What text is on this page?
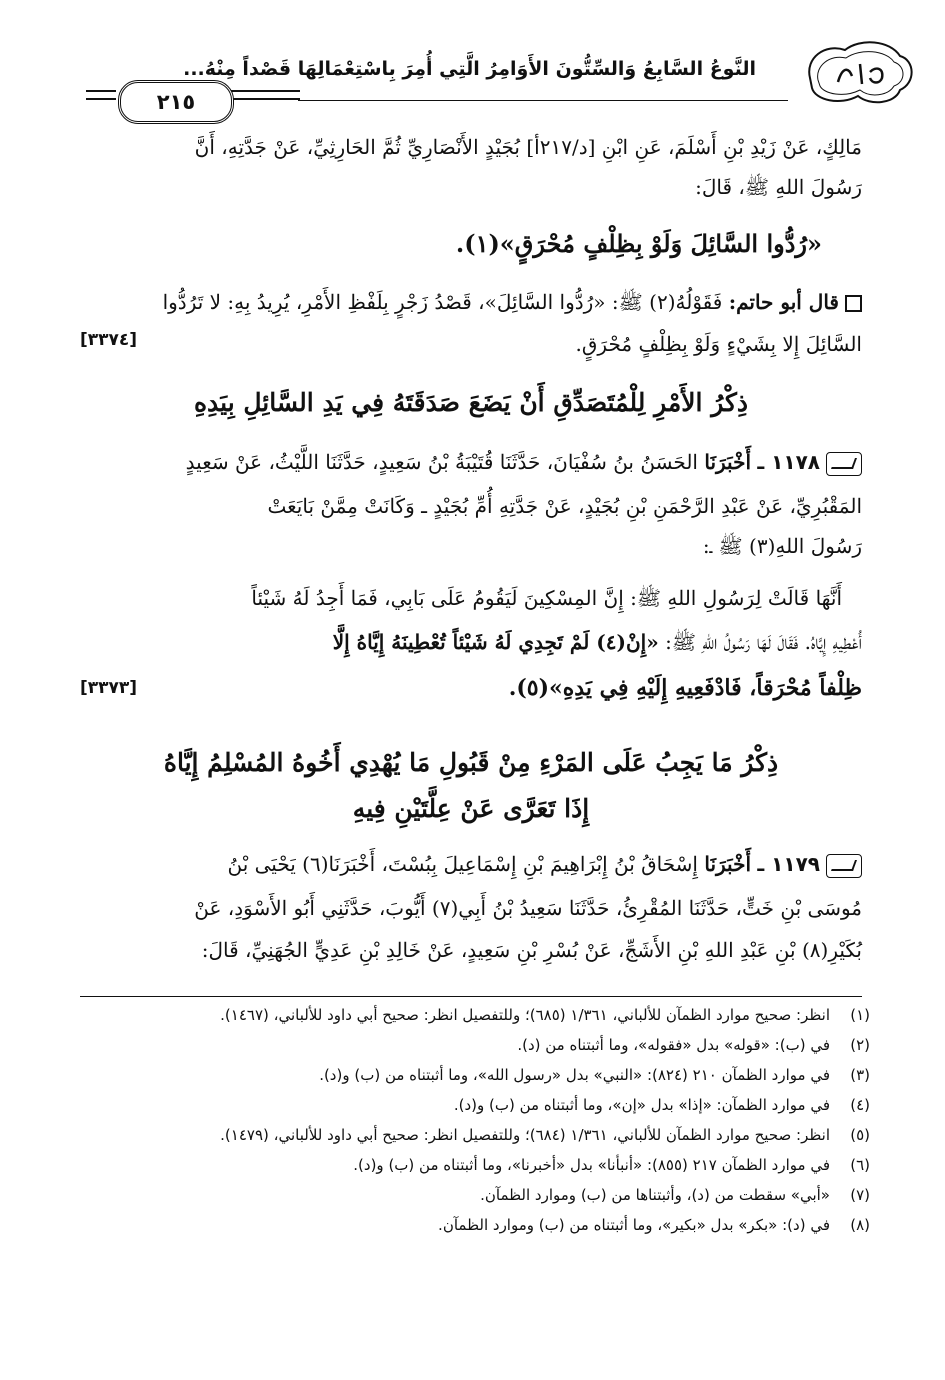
النَّوعُ السَّابِعُ وَالسِّتُّونَ الأَوَامِرُ الَّتِي أُمِرَ بِاسْتِعْمَالِهَا قَصْداً مِنْهُ...
٢١٥
مَالِكٍ، عَنْ زَيْدِ بْنِ أَسْلَمَ، عَنِ ابْنِ [د/٢١٧أ] بُجَيْدٍ الأَنْصَارِيِّ ثُمَّ الحَارِثِيِّ، عَنْ جَدَّتِهِ، أَنَّ
رَسُولَ اللهِ ﷺ، قَالَ:
«رُدُّوا السَّائِلَ وَلَوْ بِظِلْفٍ مُحْرَقٍ»(١).
قال أبو حاتم: فَقَوْلُهُ(٢) ﷺ: «رُدُّوا السَّائِلَ»، قَصْدُ زَجْرٍ بِلَفْظِ الأَمْرِ، يُرِيدُ بِهِ: لا تَرُدُّوا
السَّائِلَ إِلا بِشَيْءٍ وَلَوْ بِظِلْفٍ مُحْرَقٍ.
[٣٣٧٤]
ذِكْرُ الأَمْرِ لِلْمُتَصَدِّقِ أَنْ يَضَعَ صَدَقَتَهُ فِي يَدِ السَّائِلِ بِيَدِهِ
١١٧٨ ـ أَخْبَرَنَا الحَسَنُ بنُ سُفْيَانَ، حَدَّثَنَا قُتَيْبَةُ بْنُ سَعِيدٍ، حَدَّثَنَا اللَّيْثُ، عَنْ سَعِيدٍ
المَقْبُرِيِّ، عَنْ عَبْدِ الرَّحْمَنِ بْنِ بُجَيْدٍ، عَنْ جَدَّتِهِ أُمِّ بُجَيْدٍ ـ وَكَانَتْ مِمَّنْ بَايَعَتْ
رَسُولَ اللهِ(٣) ﷺ ـ:
أَنَّهَا قَالَتْ لِرَسُولِ اللهِ ﷺ: إِنَّ المِسْكِينَ لَيَقُومُ عَلَى بَابِي، فَمَا أَجِدُ لَهُ شَيْئاً
أُعْطِيهِ إِيَّاهُ. فَقَالَ لَهَا رَسُولُ اللهِ ﷺ: «إِنْ(٤) لَمْ تَجِدِي لَهُ شَيْئاً تُعْطِينَهُ إِيَّاهُ إِلَّا
ظِلْفاً مُحْرَقاً، فَادْفَعِيهِ إِلَيْهِ فِي يَدِهِ»(٥).
[٣٣٧٣]
ذِكْرُ مَا يَجِبُ عَلَى المَرْءِ مِنْ قَبُولِ مَا يُهْدِي أَخُوهُ المُسْلِمُ إِيَّاهُ
إِذَا تَعَرَّى عَنْ عِلَّتَيْنِ فِيهِ
١١٧٩ ـ أَخْبَرَنَا إِسْحَاقُ بْنُ إِبْرَاهِيمَ بْنِ إِسْمَاعِيلَ بِبُسْتَ، أَخْبَرَنَا(٦) يَحْيَى بْنُ
مُوسَى بْنِ خَتٍّ، حَدَّثَنَا المُقْرِئُ، حَدَّثَنَا سَعِيدُ بْنُ أَبِي(٧) أَيُّوبَ، حَدَّثَنِي أَبُو الأَسْوَدِ، عَنْ
بُكَيْرِ(٨) بْنِ عَبْدِ اللهِ بْنِ الأَشَجِّ، عَنْ بُسْرِ بْنِ سَعِيدٍ، عَنْ خَالِدِ بْنِ عَدِيٍّ الجُهَنِيِّ، قَالَ:
(١)
انظر: صحيح موارد الظمآن للألباني، ١/٣٦١ (٦٨٥)؛ وللتفصيل انظر: صحيح أبي داود للألباني، (١٤٦٧).
(٢)
في (ب): «قوله» بدل «فقوله»، وما أثبتناه من (د).
(٣)
في موارد الظمآن ٢١٠ (٨٢٤): «النبي» بدل «رسول الله»، وما أثبتناه من (ب) و(د).
(٤)
في موارد الظمآن: «إذا» بدل «إن»، وما أثبتناه من (ب) و(د).
(٥)
انظر: صحيح موارد الظمآن للألباني، ١/٣٦١ (٦٨٤)؛ وللتفصيل انظر: صحيح أبي داود للألباني، (١٤٧٩).
(٦)
في موارد الظمآن ٢١٧ (٨٥٥): «أنبأنا» بدل «أخبرنا»، وما أثبتناه من (ب) و(د).
(٧)
«أبي» سقطت من (د)، وأثبتناها من (ب) وموارد الظمآن.
(٨)
في (د): «بكر» بدل «بكير»، وما أثبتناه من (ب) وموارد الظمآن.
